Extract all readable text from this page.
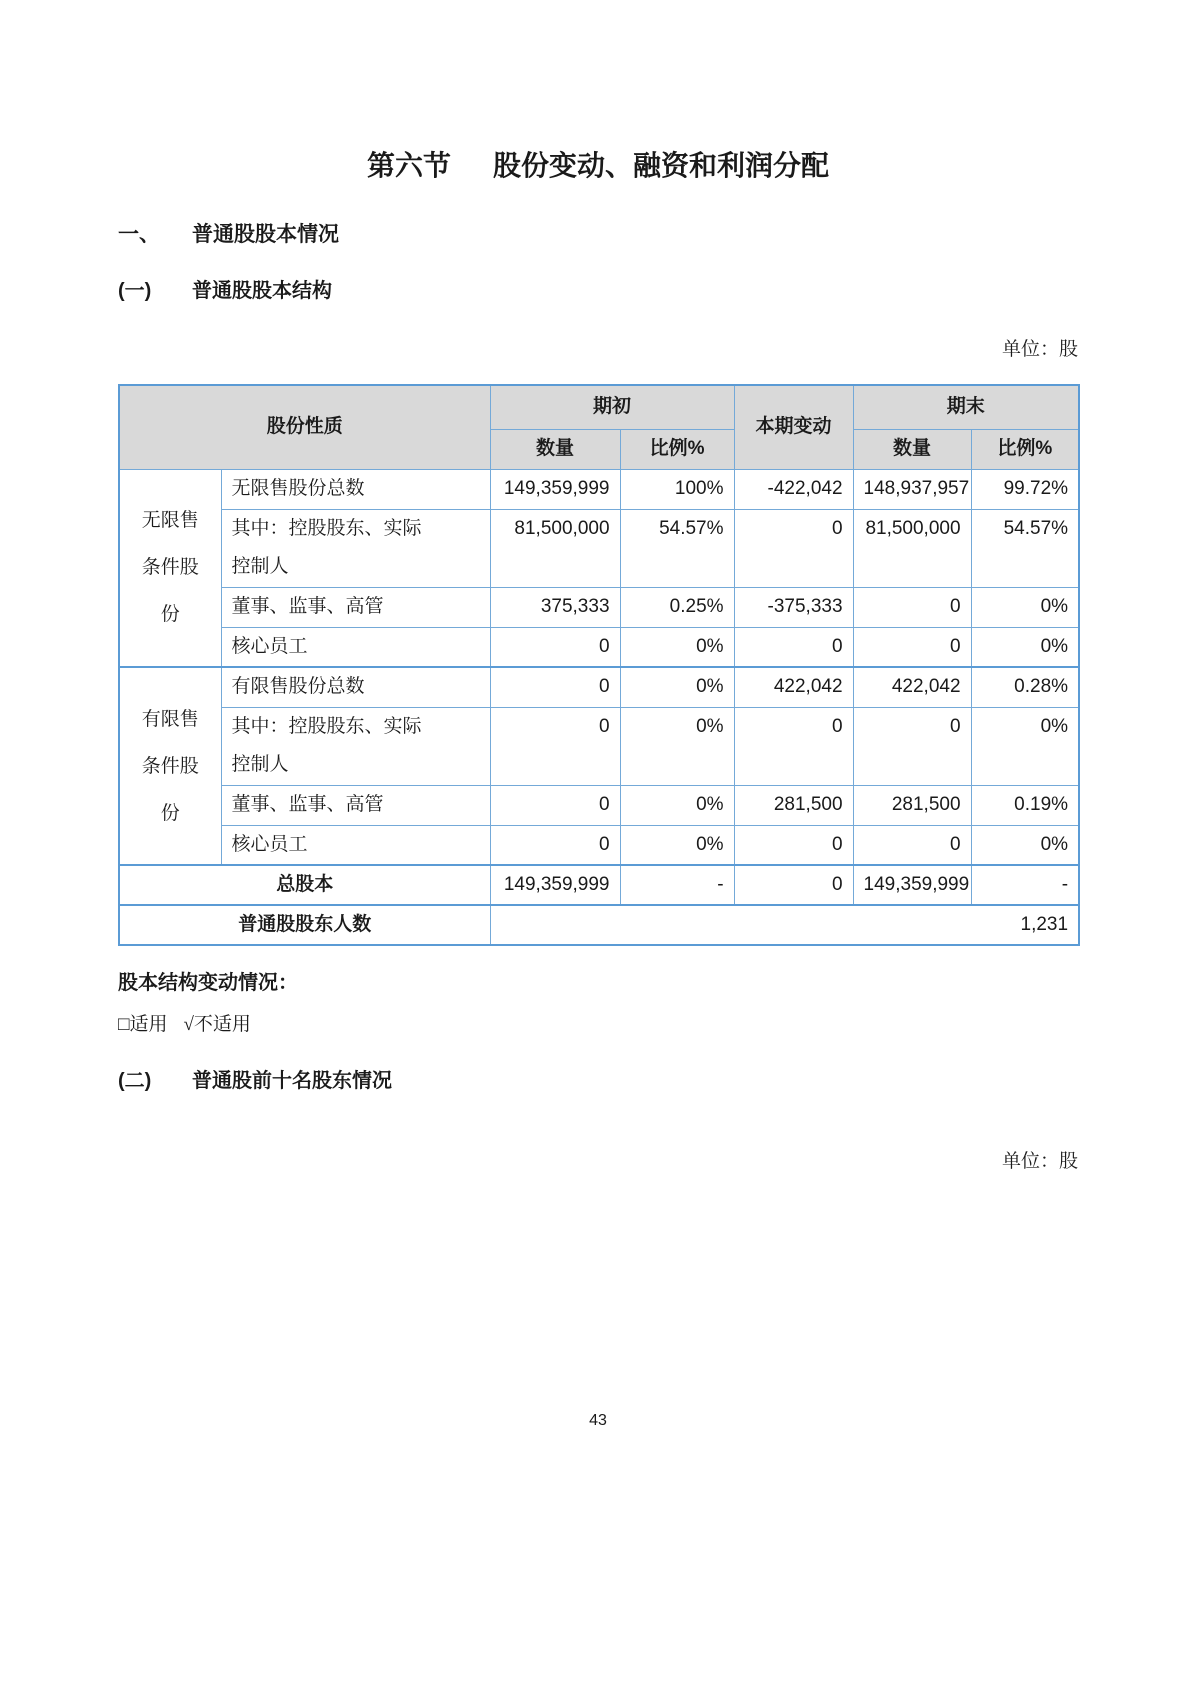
第六节 股份变动、融资和利润分配
一、	普通股股本情况
(一)	普通股股本结构
单位：股
股份性质		期初		本期变动	期末	
		数量	比例%		数量	比例%
无限售条件股份	无限售股份总数	149,359,999	100%	-422,042	148,937,957	99.72%
	其中：控股股东、实际控制人	81,500,000	54.57%	0	81,500,000	54.57%
	董事、监事、高管	375,333	0.25%	-375,333	0	0%
	核心员工	0	0%	0	0	0%
有限售条件股份	有限售股份总数	0	0%	422,042	422,042	0.28%
	其中：控股股东、实际控制人	0	0%	0	0	0%
	董事、监事、高管	0	0%	281,500	281,500	0.19%
	核心员工	0	0%	0	0	0%
总股本		149,359,999	-	0	149,359,999	-
普通股股东人数		1,231				
股本结构变动情况：
□适用 √不适用
(二)	普通股前十名股东情况
单位：股
43
